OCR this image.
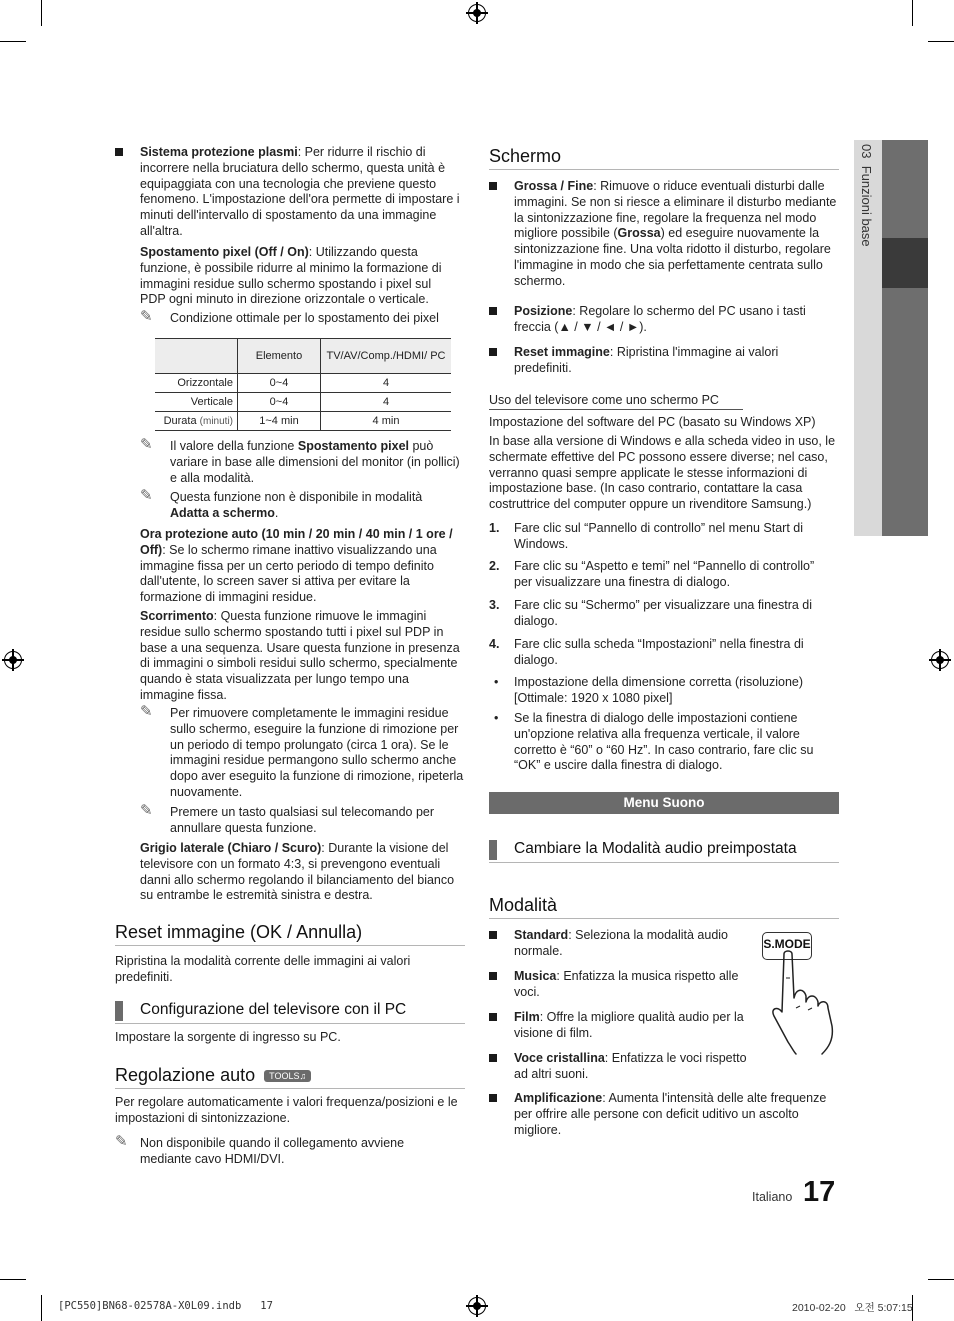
03  Funzioni base
Sistema protezione plasmi: Per ridurre il rischio di incorrere nella bruciatura dello schermo, questa unità è equipaggiata con una tecnologia che previene questo fenomeno. L'impostazione dell'ora permette di impostare i minuti dell'intervallo di spostamento da una immagine all'altra.
Spostamento pixel (Off / On): Utilizzando questa funzione, è possibile ridurre al minimo la formazione di immagini residue sullo schermo spostando i pixel sul PDP ogni minuto in direzione orizzontale o verticale.
✎ Condizione ottimale per lo spostamento dei pixel
	Elemento	TV/AV/Comp./HDMI/ PC
Orizzontale	0~4	4
Verticale	0~4	4
Durata (minuti)	1~4 min	4 min
✎ Il valore della funzione Spostamento pixel può variare in base alle dimensioni del monitor (in pollici) e alla modalità.
✎ Questa funzione non è disponibile in modalità Adatta a schermo.
Ora protezione auto (10 min / 20 min / 40 min / 1 ore / Off): Se lo schermo rimane inattivo visualizzando una immagine fissa per un certo periodo di tempo definito dall'utente, lo screen saver si attiva per evitare la formazione di immagini residue.
Scorrimento: Questa funzione rimuove le immagini residue sullo schermo spostando tutti i pixel sul PDP in base a una sequenza. Usare questa funzione in presenza di immagini o simboli residui sullo schermo, specialmente quando è stata visualizzata per lungo tempo una immagine fissa.
✎ Per rimuovere completamente le immagini residue sullo schermo, eseguire la funzione di rimozione per un periodo di tempo prolungato (circa 1 ora). Se le immagini residue permangono sullo schermo anche dopo aver eseguito la funzione di rimozione, ripeterla nuovamente.
✎ Premere un tasto qualsiasi sul telecomando per annullare questa funzione.
Grigio laterale (Chiaro / Scuro): Durante la visione del televisore con un formato 4:3, si prevengono eventuali danni allo schermo regolando il bilanciamento del bianco su entrambe le estremità sinistra e destra.
Reset immagine (OK / Annulla)
Ripristina la modalità corrente delle immagini ai valori predefiniti.
Configurazione del televisore con il PC
Impostare la sorgente di ingresso su PC.
Regolazione auto TOOLS♫
Per regolare automaticamente i valori frequenza/posizioni e le impostazioni di sintonizzazione.
✎ Non disponibile quando il collegamento avviene mediante cavo HDMI/DVI.
Schermo
Grossa / Fine: Rimuove o riduce eventuali disturbi dalle immagini. Se non si riesce a eliminare il disturbo mediante la sintonizzazione fine, regolare la frequenza nel modo migliore possibile (Grossa) ed eseguire nuovamente la sintonizzazione fine. Una volta ridotto il disturbo, regolare l'immagine in modo che sia perfettamente centrata sullo schermo.
Posizione: Regolare lo schermo del PC usano i tasti freccia (▲ / ▼ / ◄ / ►).
Reset immagine: Ripristina l'immagine ai valori predefiniti.
Uso del televisore come uno schermo PC
Impostazione del software del PC (basato su Windows XP)
In base alla versione di Windows e alla scheda video in uso, le schermate effettive del PC possono essere diverse; nel caso, verranno quasi sempre applicate le stesse informazioni di impostazione base. (In caso contrario, contattare la casa costruttrice del computer oppure un rivenditore Samsung.)
1. Fare clic sul “Pannello di controllo” nel menu Start di Windows.
2. Fare clic su “Aspetto e temi” nel “Pannello di controllo” per visualizzare una finestra di dialogo.
3. Fare clic su “Schermo” per visualizzare una finestra di dialogo.
4. Fare clic sulla scheda “Impostazioni” nella finestra di dialogo.
• Impostazione della dimensione corretta (risoluzione) [Ottimale: 1920 x 1080 pixel]
• Se la finestra di dialogo delle impostazioni contiene un'opzione relativa alla frequenza verticale, il valore corretto è “60” o “60 Hz”. In caso contrario, fare clic su “OK” e uscire dalla finestra di dialogo.
Menu Suono
Cambiare la Modalità audio preimpostata
Modalità
Standard: Seleziona la modalità audio normale.
Musica: Enfatizza la musica rispetto alle voci.
Film: Offre la migliore qualità audio per la visione di film.
Voce cristallina: Enfatizza le voci rispetto ad altri suoni.
Amplificazione: Aumenta l'intensità delle alte frequenze per offrire alle persone con deficit uditivo un ascolto migliore.
S.MODE
Italiano 17
[PC550]BN68-02578A-X0L09.indb   17	2010-02-20   오전 5:07:15
